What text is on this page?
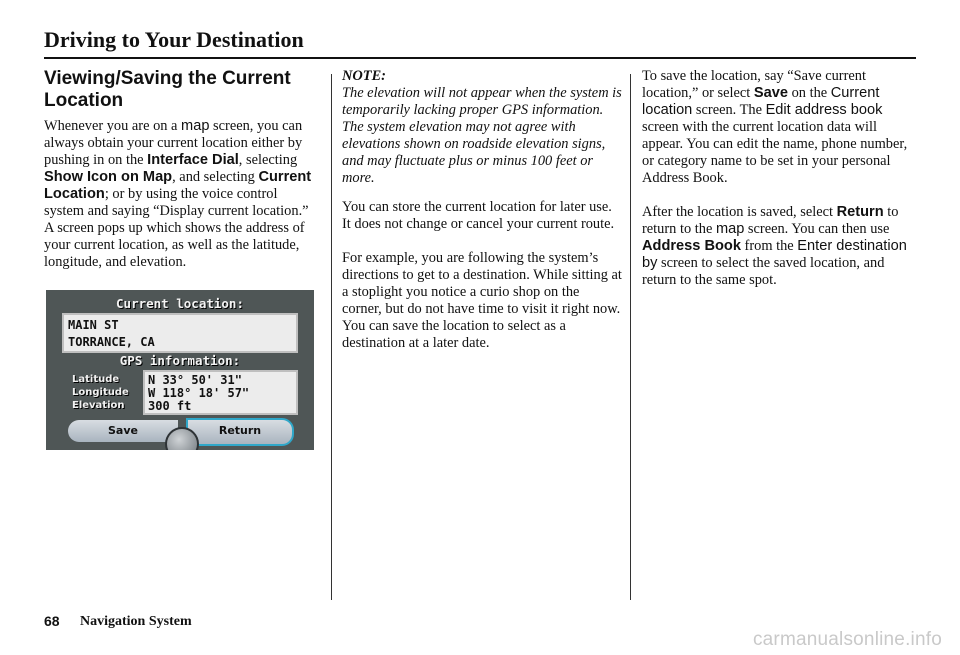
Driving to Your Destination
Viewing/Saving the Current Location

Whenever you are on a map screen, you can always obtain your current location either by pushing in on the Interface Dial, selecting Show Icon on Map, and selecting Current Location; or by using the voice control system and saying “Display current location.” A screen pops up which shows the address of your current location, as well as the latitude, longitude, and elevation.

Current location:
MAIN ST
TORRANCE, CA
GPS information:
Latitude
Longitude
Elevation
N 33° 50' 31"
W 118° 18' 57"
300 ft
Save	Return
NOTE:

The elevation will not appear when the system is temporarily lacking proper GPS information. The system elevation may not agree with elevations shown on roadside elevation signs, and may fluctuate plus or minus 100 feet or more.

You can store the current location for later use. It does not change or cancel your current route.

For example, you are following the system’s directions to get to a destination. While sitting at a stoplight you notice a curio shop on the corner, but do not have time to visit it right now. You can save the location to select as a destination at a later date.

To save the location, say “Save current location,” or select Save on the Current location screen. The Edit address book screen with the current location data will appear. You can edit the name, phone number, or category name to be set in your personal Address Book.

After the location is saved, select Return to return to the map screen. You can then use Address Book from the Enter destination by screen to select the saved location, and return to the same spot.

68 Navigation System
carmanualsonline.info
